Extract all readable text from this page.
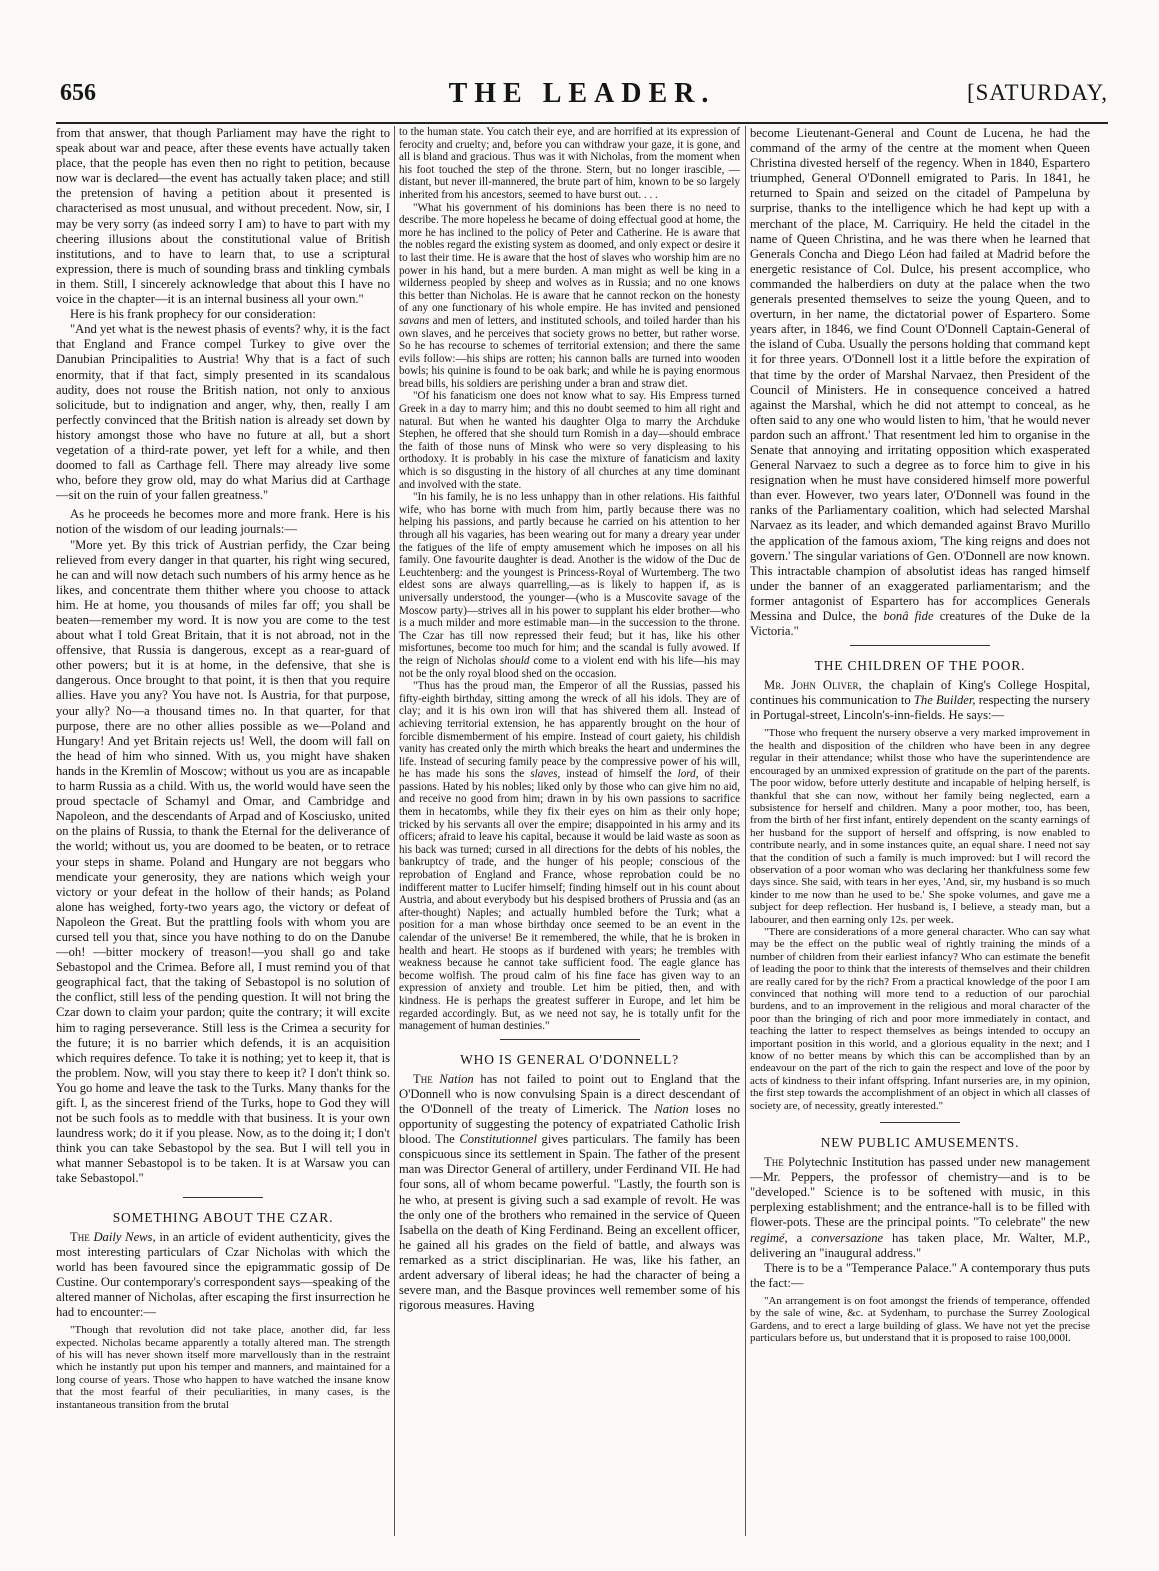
656	THE LEADER.	[SATURDAY,

from that answer, that though Parliament may have the right to speak about war and peace, after these events have actually taken place, that the people has even then no right to petition, because now war is declared—the event has actually taken place; and still the pretension of having a petition about it presented is characterised as most unusual, and without precedent. Now, sir, I may be very sorry (as indeed sorry I am) to have to part with my cheering illusions about the constitutional value of British institutions, and to have to learn that, to use a scriptural expression, there is much of sounding brass and tinkling cymbals in them. Still, I sincerely acknowledge that about this I have no voice in the chapter—it is an internal business all your own."

Here is his frank prophecy for our consideration:

"And yet what is the newest phasis of events? why, it is the fact that England and France compel Turkey to give over the Danubian Principalities to Austria! Why that is a fact of such enormity, that if that fact, simply presented in its scandalous audity, does not rouse the British nation, not only to anxious solicitude, but to indignation and anger, why, then, really I am perfectly convinced that the British nation is already set down by history amongst those who have no future at all, but a short vegetation of a third-rate power, yet left for a while, and then doomed to fall as Carthage fell. There may already live some who, before they grow old, may do what Marius did at Carthage—sit on the ruin of your fallen greatness."

As he proceeds he becomes more and more frank. Here is his notion of the wisdom of our leading journals:—

"More yet. By this trick of Austrian perfidy, the Czar being relieved from every danger in that quarter, his right wing secured, he can and will now detach such numbers of his army hence as he likes, and concentrate them thither where you choose to attack him. He at home, you thousands of miles far off; you shall be beaten—remember my word. It is now you are come to the test about what I told Great Britain, that it is not abroad, not in the offensive, that Russia is dangerous, except as a rear-guard of other powers; but it is at home, in the defensive, that she is dangerous. Once brought to that point, it is then that you require allies. Have you any? You have not. Is Austria, for that purpose, your ally? No—a thousand times no. In that quarter, for that purpose, there are no other allies possible as we—Poland and Hungary! And yet Britain rejects us! Well, the doom will fall on the head of him who sinned. With us, you might have shaken hands in the Kremlin of Moscow; without us you are as incapable to harm Russia as a child. With us, the world would have seen the proud spectacle of Schamyl and Omar, and Cambridge and Napoleon, and the descendants of Arpad and of Kosciusko, united on the plains of Russia, to thank the Eternal for the deliverance of the world; without us, you are doomed to be beaten, or to retrace your steps in shame. Poland and Hungary are not beggars who mendicate your generosity, they are nations which weigh your victory or your defeat in the hollow of their hands; as Poland alone has weighed, forty-two years ago, the victory or defeat of Napoleon the Great. But the prattling fools with whom you are cursed tell you that, since you have nothing to do on the Danube—oh! —bitter mockery of treason!—you shall go and take Sebastopol and the Crimea. Before all, I must remind you of that geographical fact, that the taking of Sebastopol is no solution of the conflict, still less of the pending question. It will not bring the Czar down to claim your pardon; quite the contrary; it will excite him to raging perseverance. Still less is the Crimea a security for the future; it is no barrier which defends, it is an acquisition which requires defence. To take it is nothing; yet to keep it, that is the problem. Now, will you stay there to keep it? I don't think so. You go home and leave the task to the Turks. Many thanks for the gift. I, as the sincerest friend of the Turks, hope to God they will not be such fools as to meddle with that business. It is your own laundress work; do it if you please. Now, as to the doing it; I don't think you can take Sebastopol by the sea. But I will tell you in what manner Sebastopol is to be taken. It is at Warsaw you can take Sebastopol."

SOMETHING ABOUT THE CZAR.

The Daily News, in an article of evident authenticity, gives the most interesting particulars of Czar Nicholas with which the world has been favoured since the epigrammatic gossip of De Custine. Our contemporary's correspondent says—speaking of the altered manner of Nicholas, after escaping the first insurrection he had to encounter:—

"Though that revolution did not take place, another did, far less expected. Nicholas became apparently a totally altered man. The strength of his will has never shown itself more marvellously than in the restraint which he instantly put upon his temper and manners, and maintained for a long course of years. Those who happen to have watched the insane know that the most fearful of their peculiarities, in many cases, is the instantaneous transition from the brutal

to the human state. You catch their eye, and are horrified at its expression of ferocity and cruelty; and, before you can withdraw your gaze, it is gone, and all is bland and gracious. Thus was it with Nicholas, from the moment when his foot touched the step of the throne. Stern, but no longer irascible, —distant, but never ill-mannered, the brute part of him, known to be so largely inherited from his ancestors, seemed to have burst out. . . .

"What his government of his dominions has been there is no need to describe. The more hopeless he became of doing effectual good at home, the more he has inclined to the policy of Peter and Catherine. He is aware that the nobles regard the existing system as doomed, and only expect or desire it to last their time. He is aware that the host of slaves who worship him are no power in his hand, but a mere burden. A man might as well be king in a wilderness peopled by sheep and wolves as in Russia; and no one knows this better than Nicholas. He is aware that he cannot reckon on the honesty of any one functionary of his whole empire. He has invited and pensioned savans and men of letters, and instituted schools, and toiled harder than his own slaves, and he perceives that society grows no better, but rather worse. So he has recourse to schemes of territorial extension; and there the same evils follow:—his ships are rotten; his cannon balls are turned into wooden bowls; his quinine is found to be oak bark; and while he is paying enormous bread bills, his soldiers are perishing under a bran and straw diet.

"Of his fanaticism one does not know what to say. His Empress turned Greek in a day to marry him; and this no doubt seemed to him all right and natural. But when he wanted his daughter Olga to marry the Archduke Stephen, he offered that she should turn Romish in a day—should embrace the faith of those nuns of Minsk who were so very displeasing to his orthodoxy. It is probably in his case the mixture of fanaticism and laxity which is so disgusting in the history of all churches at any time dominant and involved with the state.

"In his family, he is no less unhappy than in other relations. His faithful wife, who has borne with much from him, partly because there was no helping his passions, and partly because he carried on his attention to her through all his vagaries, has been wearing out for many a dreary year under the fatigues of the life of empty amusement which he imposes on all his family. One favourite daughter is dead. Another is the widow of the Duc de Leuchtenberg: and the youngest is Princess-Royal of Wurtemberg. The two eldest sons are always quarrelling,—as is likely to happen if, as is universally understood, the younger—(who is a Muscovite savage of the Moscow party)—strives all in his power to supplant his elder brother—who is a much milder and more estimable man—in the succession to the throne. The Czar has till now repressed their feud; but it has, like his other misfortunes, become too much for him; and the scandal is fully avowed. If the reign of Nicholas should come to a violent end with his life—his may not be the only royal blood shed on the occasion.

"Thus has the proud man, the Emperor of all the Russias, passed his fifty-eighth birthday, sitting among the wreck of all his idols. They are of clay; and it is his own iron will that has shivered them all. Instead of achieving territorial extension, he has apparently brought on the hour of forcible dismemberment of his empire. Instead of court gaiety, his childish vanity has created only the mirth which breaks the heart and undermines the life. Instead of securing family peace by the compressive power of his will, he has made his sons the slaves, instead of himself the lord, of their passions. Hated by his nobles; liked only by those who can give him no aid, and receive no good from him; drawn in by his own passions to sacrifice them in hecatombs, while they fix their eyes on him as their only hope; tricked by his servants all over the empire; disappointed in his army and its officers; afraid to leave his capital, because it would be laid waste as soon as his back was turned; cursed in all directions for the debts of his nobles, the bankruptcy of trade, and the hunger of his people; conscious of the reprobation of England and France, whose reprobation could be no indifferent matter to Lucifer himself; finding himself out in his count about Austria, and about everybody but his despised brothers of Prussia and (as an after-thought) Naples; and actually humbled before the Turk; what a position for a man whose birthday once seemed to be an event in the calendar of the universe! Be it remembered, the while, that he is broken in health and heart. He stoops as if burdened with years; he trembles with weakness because he cannot take sufficient food. The eagle glance has become wolfish. The proud calm of his fine face has given way to an expression of anxiety and trouble. Let him be pitied, then, and with kindness. He is perhaps the greatest sufferer in Europe, and let him be regarded accordingly. But, as we need not say, he is totally unfit for the management of human destinies."

WHO IS GENERAL O'DONNELL?

The Nation has not failed to point out to England that the O'Donnell who is now convulsing Spain is a direct descendant of the O'Donnell of the treaty of Limerick. The Nation loses no opportunity of suggesting the potency of expatriated Catholic Irish blood. The Constitutionnel gives particulars. The family has been conspicuous since its settlement in Spain. The father of the present man was Director General of artillery, under Ferdinand VII. He had four sons, all of whom became powerful. "Lastly, the fourth son is he who, at present is giving such a sad example of revolt. He was the only one of the brothers who remained in the service of Queen Isabella on the death of King Ferdinand. Being an excellent officer, he gained all his grades on the field of battle, and always was remarked as a strict disciplinarian. He was, like his father, an ardent adversary of liberal ideas; he had the character of being a severe man, and the Basque provinces well remember some of his rigorous measures. Having

become Lieutenant-General and Count de Lucena, he had the command of the army of the centre at the moment when Queen Christina divested herself of the regency. When in 1840, Espartero triumphed, General O'Donnell emigrated to Paris. In 1841, he returned to Spain and seized on the citadel of Pampeluna by surprise, thanks to the intelligence which he had kept up with a merchant of the place, M. Carriquiry. He held the citadel in the name of Queen Christina, and he was there when he learned that Generals Concha and Diego Léon had failed at Madrid before the energetic resistance of Col. Dulce, his present accomplice, who commanded the halberdiers on duty at the palace when the two generals presented themselves to seize the young Queen, and to overturn, in her name, the dictatorial power of Espartero. Some years after, in 1846, we find Count O'Donnell Captain-General of the island of Cuba. Usually the persons holding that command kept it for three years. O'Donnell lost it a little before the expiration of that time by the order of Marshal Narvaez, then President of the Council of Ministers. He in consequence conceived a hatred against the Marshal, which he did not attempt to conceal, as he often said to any one who would listen to him, 'that he would never pardon such an affront.' That resentment led him to organise in the Senate that annoying and irritating opposition which exasperated General Narvaez to such a degree as to force him to give in his resignation when he must have considered himself more powerful than ever. However, two years later, O'Donnell was found in the ranks of the Parliamentary coalition, which had selected Marshal Narvaez as its leader, and which demanded against Bravo Murillo the application of the famous axiom, 'The king reigns and does not govern.' The singular variations of Gen. O'Donnell are now known. This intractable champion of absolutist ideas has ranged himself under the banner of an exaggerated parliamentarism; and the former antagonist of Espartero has for accomplices Generals Messina and Dulce, the bonâ fide creatures of the Duke de la Victoria."

THE CHILDREN OF THE POOR.

Mr. John Oliver, the chaplain of King's College Hospital, continues his communication to The Builder, respecting the nursery in Portugal-street, Lincoln's-inn-fields. He says:—

"Those who frequent the nursery observe a very marked improvement in the health and disposition of the children who have been in any degree regular in their attendance; whilst those who have the superintendence are encouraged by an unmixed expression of gratitude on the part of the parents. The poor widow, before utterly destitute and incapable of helping herself, is thankful that she can now, without her family being neglected, earn a subsistence for herself and children. Many a poor mother, too, has been, from the birth of her first infant, entirely dependent on the scanty earnings of her husband for the support of herself and offspring, is now enabled to contribute nearly, and in some instances quite, an equal share. I need not say that the condition of such a family is much improved: but I will record the observation of a poor woman who was declaring her thankfulness some few days since. She said, with tears in her eyes, 'And, sir, my husband is so much kinder to me now than he used to be.' She spoke volumes, and gave me a subject for deep reflection. Her husband is, I believe, a steady man, but a labourer, and then earning only 12s. per week.

"There are considerations of a more general character. Who can say what may be the effect on the public weal of rightly training the minds of a number of children from their earliest infancy? Who can estimate the benefit of leading the poor to think that the interests of themselves and their children are really cared for by the rich? From a practical knowledge of the poor I am convinced that nothing will more tend to a reduction of our parochial burdens, and to an improvement in the religious and moral character of the poor than the bringing of rich and poor more immediately in contact, and teaching the latter to respect themselves as beings intended to occupy an important position in this world, and a glorious equality in the next; and I know of no better means by which this can be accomplished than by an endeavour on the part of the rich to gain the respect and love of the poor by acts of kindness to their infant offspring. Infant nurseries are, in my opinion, the first step towards the accomplishment of an object in which all classes of society are, of necessity, greatly interested."

NEW PUBLIC AMUSEMENTS.

The Polytechnic Institution has passed under new management—Mr. Peppers, the professor of chemistry—and is to be "developed." Science is to be softened with music, in this perplexing establishment; and the entrance-hall is to be filled with flower-pots. These are the principal points. "To celebrate" the new regimé, a conversazione has taken place, Mr. Walter, M.P., delivering an "inaugural address."

There is to be a "Temperance Palace." A contemporary thus puts the fact:—

"An arrangement is on foot amongst the friends of temperance, offended by the sale of wine, &c. at Sydenham, to purchase the Surrey Zoological Gardens, and to erect a large building of glass. We have not yet the precise particulars before us, but understand that it is proposed to raise 100,000l.
